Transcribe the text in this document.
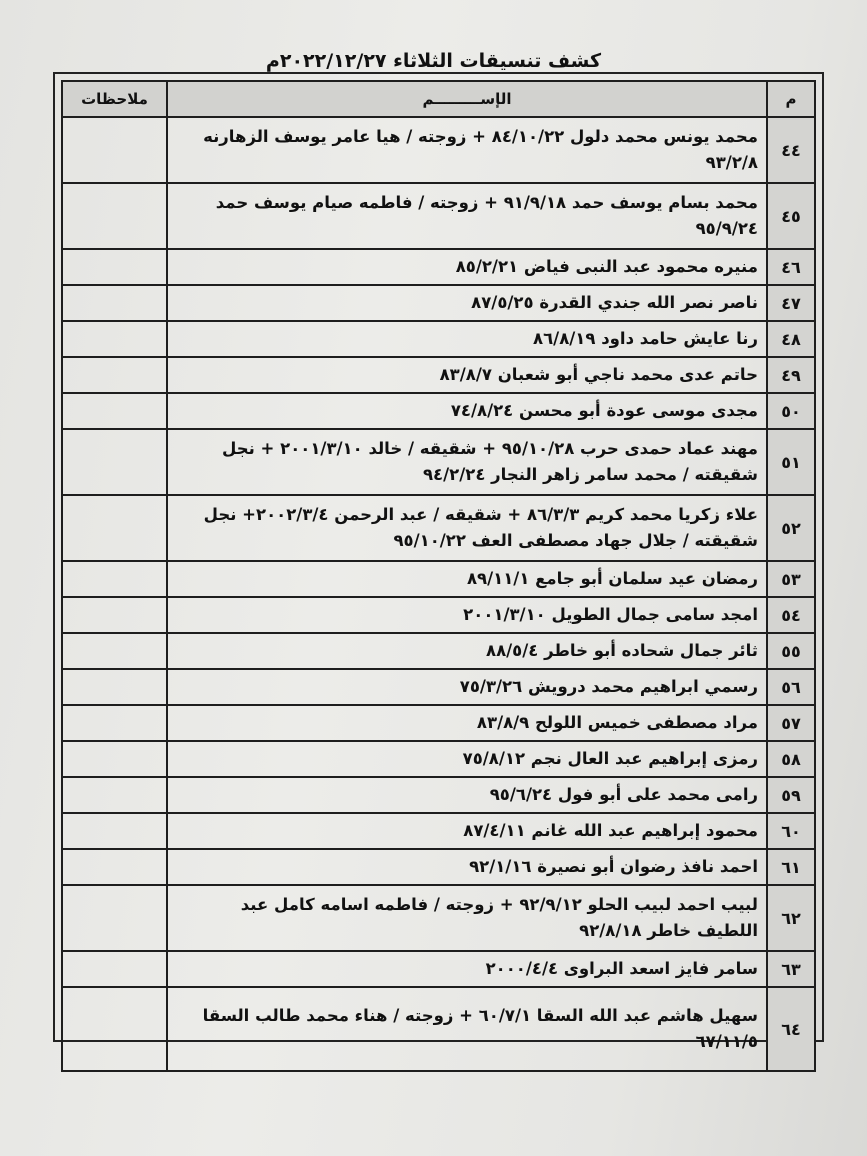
كشف تنسيقات الثلاثاء ٢٠٢٢/١٢/٢٧م
م	الإســـــــــم	ملاحظات
٤٤	محمد يونس محمد دلول ٨٤/١٠/٢٢ + زوجته / هيا عامر يوسف الزهارنه ٩٣/٢/٨	
٤٥	محمد بسام يوسف حمد ٩١/٩/١٨ + زوجته / فاطمه صيام يوسف حمد ٩٥/٩/٢٤	
٤٦	منيره محمود عبد النبى فياض ٨٥/٢/٢١	
٤٧	ناصر نصر الله جندي القدرة ٨٧/٥/٢٥	
٤٨	رنا عايش حامد داود ٨٦/٨/١٩	
٤٩	حاتم عدى محمد ناجي أبو شعبان ٨٣/٨/٧	
٥٠	مجدى موسى عودة أبو محسن ٧٤/٨/٢٤	
٥١	مهند عماد حمدى حرب ٩٥/١٠/٢٨ + شقيقه / خالد ٢٠٠١/٣/١٠ + نجل شقيقته / محمد سامر زاهر النجار ٩٤/٢/٢٤	
٥٢	علاء زكريا محمد كريم ٨٦/٣/٣ + شقيقه / عبد الرحمن ٢٠٠٢/٣/٤+ نجل شقيقته / جلال جهاد مصطفى العف ٩٥/١٠/٢٢	
٥٣	رمضان عيد سلمان أبو جامع ٨٩/١١/١	
٥٤	امجد سامى جمال الطويل ٢٠٠١/٣/١٠	
٥٥	ثائر جمال شحاده أبو خاطر ٨٨/٥/٤	
٥٦	رسمي ابراهيم محمد درويش ٧٥/٣/٢٦	
٥٧	مراد مصطفى خميس اللولح ٨٣/٨/٩	
٥٨	رمزى إبراهيم عبد العال نجم ٧٥/٨/١٢	
٥٩	رامى محمد على أبو فول ٩٥/٦/٢٤	
٦٠	محمود إبراهيم عبد الله غانم ٨٧/٤/١١	
٦١	احمد نافذ رضوان أبو نصيرة ٩٢/١/١٦	
٦٢	لبيب احمد لبيب الحلو ٩٢/٩/١٢ + زوجته / فاطمه اسامه كامل عبد اللطيف خاطر ٩٢/٨/١٨	
٦٣	سامر فايز اسعد البراوى ٢٠٠٠/٤/٤	
٦٤	سهيل هاشم عبد الله السقا ٦٠/٧/١ + زوجته / هناء محمد طالب السقا ٦٧/١١/٥	
